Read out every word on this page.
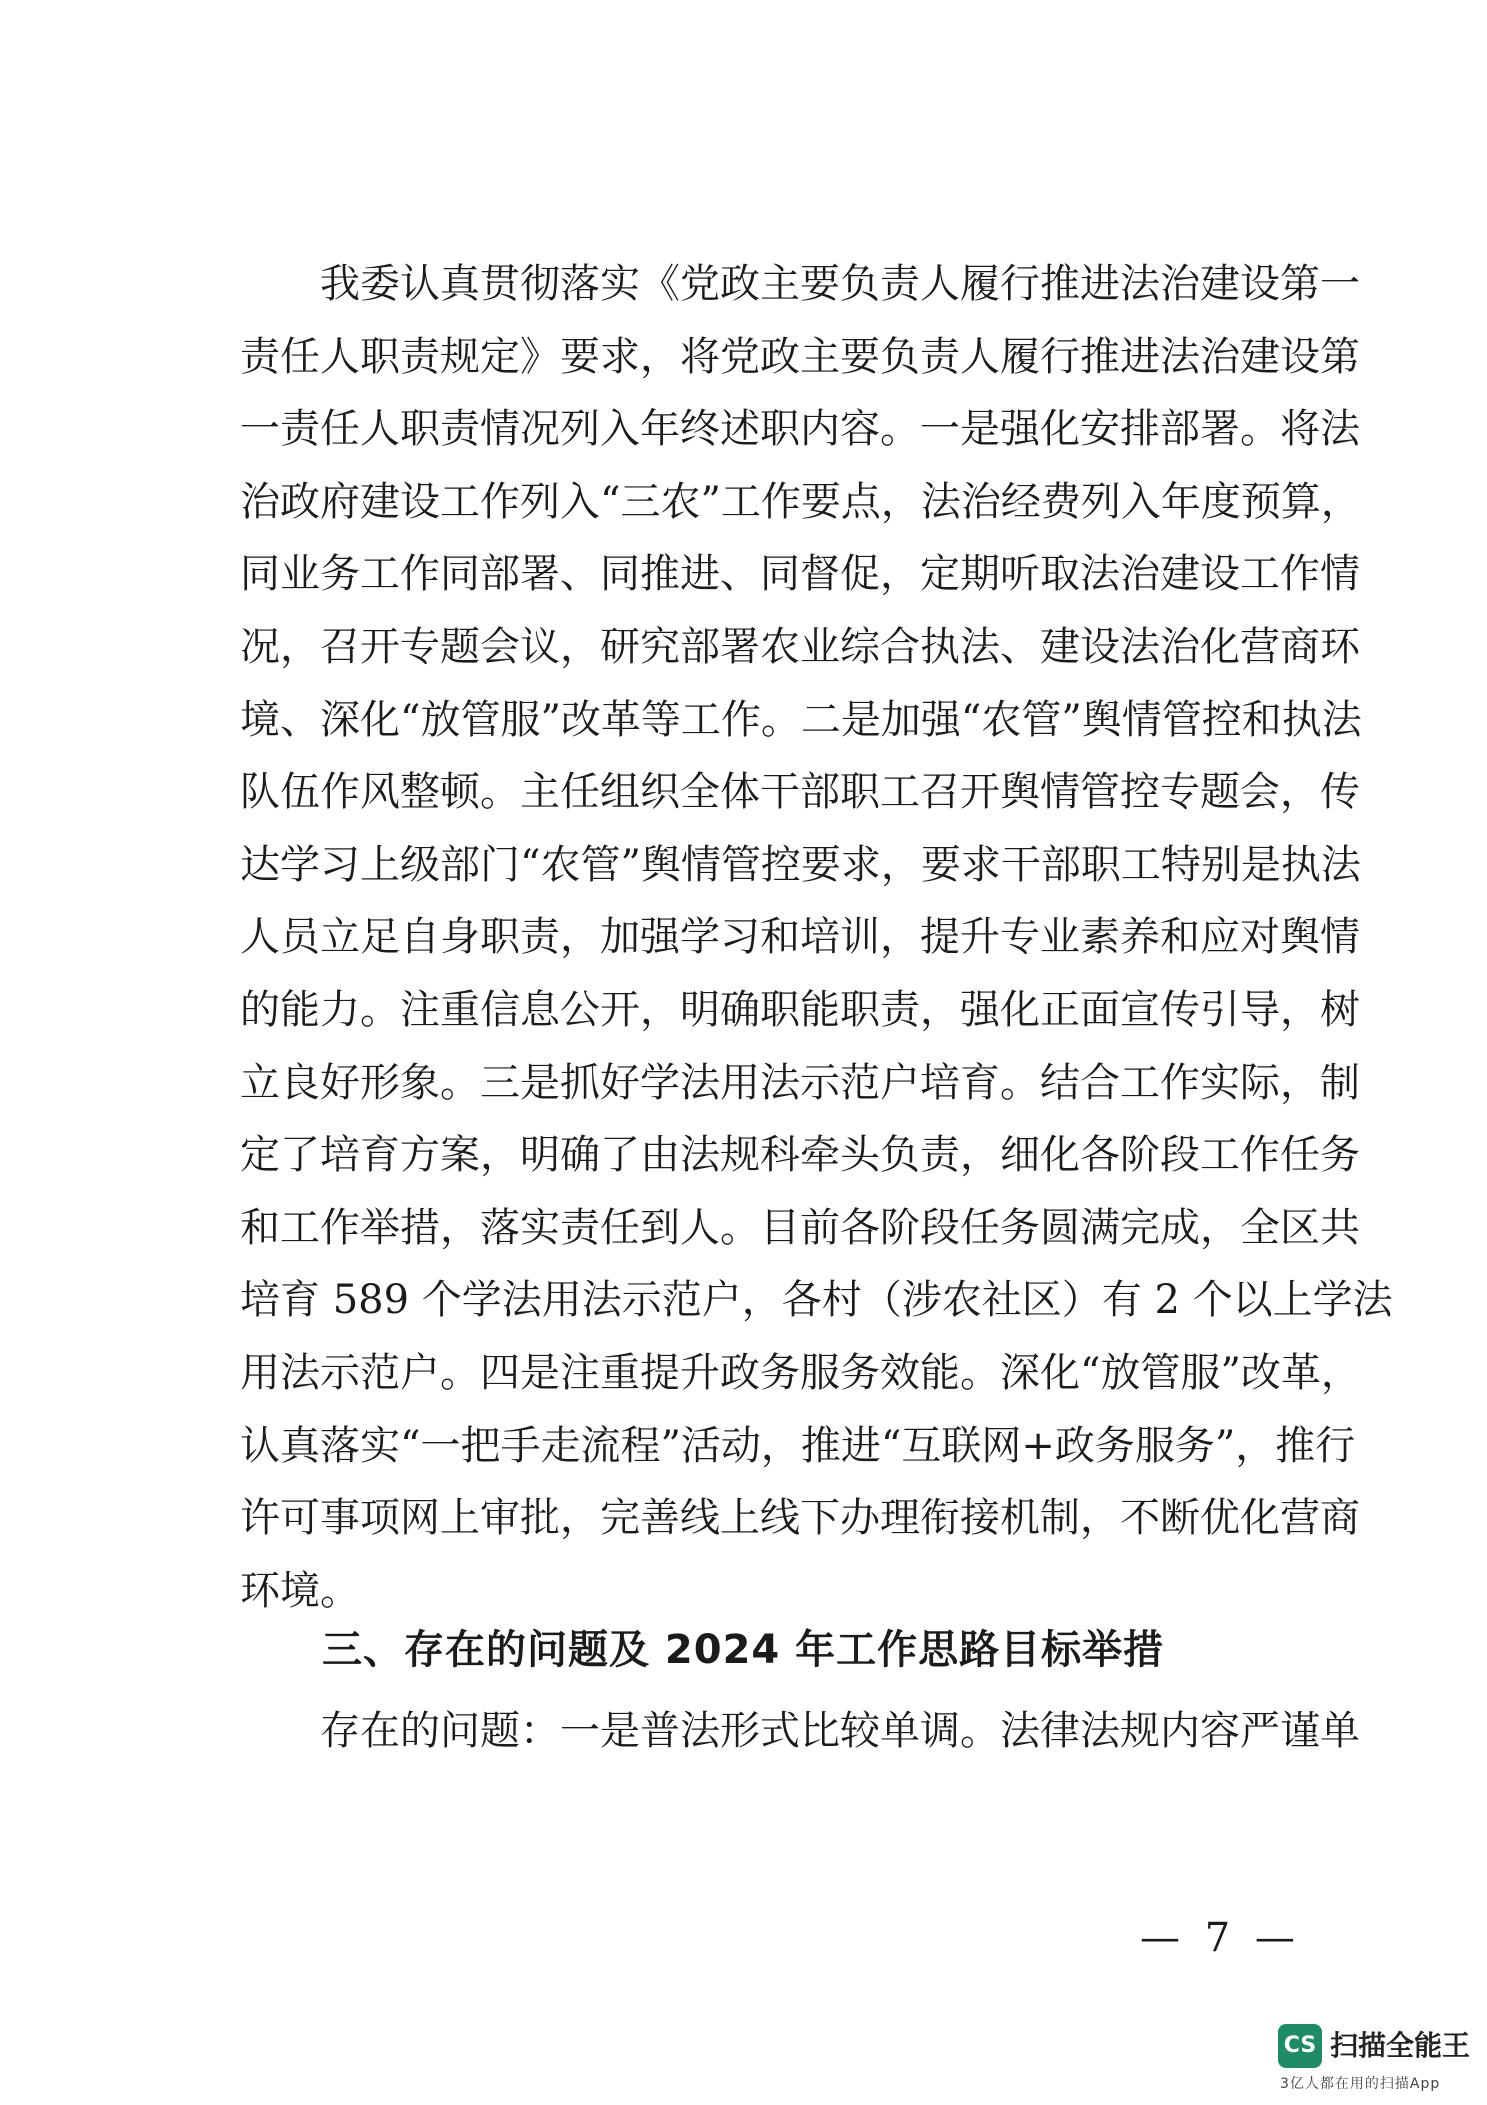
我委认真贯彻落实《党政主要负责人履行推进法治建设第一
责任人职责规定》要求，将党政主要负责人履行推进法治建设第
一责任人职责情况列入年终述职内容。一是强化安排部署。将法
治政府建设工作列入“三农”工作要点，法治经费列入年度预算，
同业务工作同部署、同推进、同督促，定期听取法治建设工作情
况，召开专题会议，研究部署农业综合执法、建设法治化营商环
境、深化“放管服”改革等工作。二是加强“农管”舆情管控和执法
队伍作风整顿。主任组织全体干部职工召开舆情管控专题会，传
达学习上级部门“农管”舆情管控要求，要求干部职工特别是执法
人员立足自身职责，加强学习和培训，提升专业素养和应对舆情
的能力。注重信息公开，明确职能职责，强化正面宣传引导，树
立良好形象。三是抓好学法用法示范户培育。结合工作实际，制
定了培育方案，明确了由法规科牵头负责，细化各阶段工作任务
和工作举措，落实责任到人。目前各阶段任务圆满完成，全区共
培育 589 个学法用法示范户，各村（涉农社区）有 2 个以上学法
用法示范户。四是注重提升政务服务效能。深化“放管服”改革，
认真落实“一把手走流程”活动，推进“互联网+政务服务”，推行
许可事项网上审批，完善线上线下办理衔接机制，不断优化营商
环境。
三、存在的问题及 2024 年工作思路目标举措
存在的问题：一是普法形式比较单调。法律法规内容严谨单
— 7 —
CS 扫描全能王
3亿人都在用的扫描App
